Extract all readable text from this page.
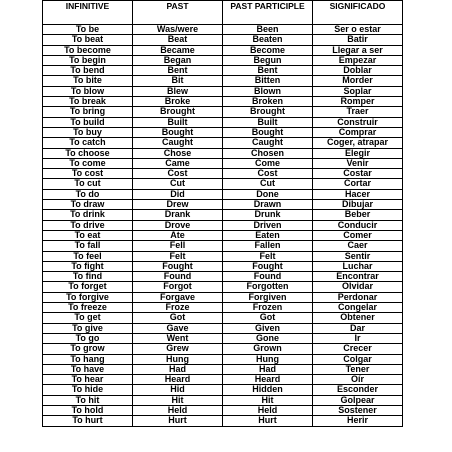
INFINITIVE	PAST	PAST PARTICIPLE	SIGNIFICADO
To be	Was/were	Been	Ser o estar
To beat	Beat	Beaten	Batir
To become	Became	Become	Llegar a ser
To begin	Began	Begun	Empezar
To bend	Bent	Bent	Doblar
To bite	Bit	Bitten	Morder
To blow	Blew	Blown	Soplar
To break	Broke	Broken	Romper
To bring	Brought	Brought	Traer
To build	Built	Built	Construir
To buy	Bought	Bought	Comprar
To catch	Caught	Caught	Coger, atrapar
To choose	Chose	Chosen	Elegir
To come	Came	Come	Venir
To cost	Cost	Cost	Costar
To cut	Cut	Cut	Cortar
To do	Did	Done	Hacer
To draw	Drew	Drawn	Dibujar
To drink	Drank	Drunk	Beber
To drive	Drove	Driven	Conducir
To eat	Ate	Eaten	Comer
To fall	Fell	Fallen	Caer
To feel	Felt	Felt	Sentir
To fight	Fought	Fought	Luchar
To find	Found	Found	Encontrar
To forget	Forgot	Forgotten	Olvidar
To forgive	Forgave	Forgiven	Perdonar
To freeze	Froze	Frozen	Congelar
To get	Got	Got	Obtener
To give	Gave	Given	Dar
To go	Went	Gone	Ir
To grow	Grew	Grown	Crecer
To hang	Hung	Hung	Colgar
To have	Had	Had	Tener
To hear	Heard	Heard	Oír
To hide	Hid	Hidden	Esconder
To hit	Hit	Hit	Golpear
To hold	Held	Held	Sostener
To hurt	Hurt	Hurt	Herir
